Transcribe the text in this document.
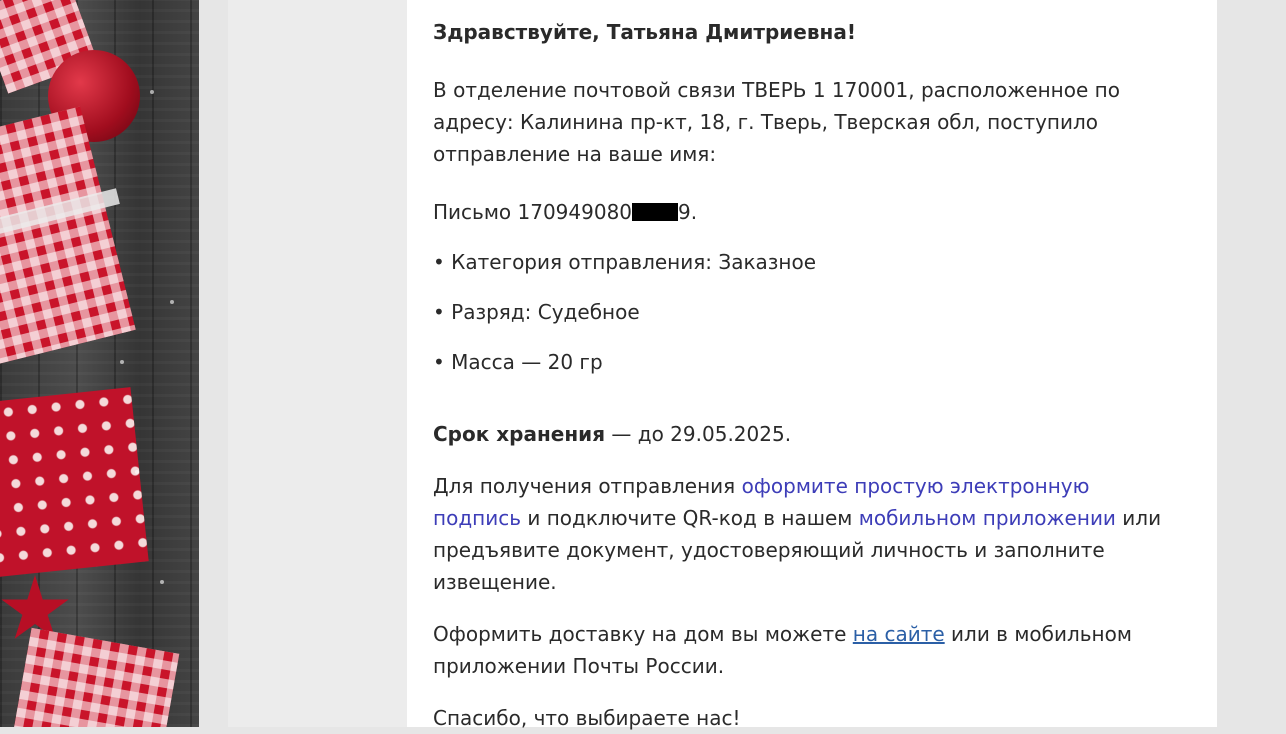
Здравствуйте, Татьяна Дмитриевна!

В отделение почтовой связи ТВЕРЬ 1 170001, расположенное по адресу: Калинина пр-кт, 18, г. Тверь, Тверская обл, поступило отправление на ваше имя:

Письмо 170949080 9.

• Категория отправления: Заказное

• Разряд: Судебное

• Масса — 20 гр

Срок хранения — до 29.05.2025.

Для получения отправления оформите простую электронную подпись и подключите QR-код в нашем мобильном приложении или предъявите документ, удостоверяющий личность и заполните извещение.

Оформить доставку на дом вы можете на сайте или в мобильном приложении Почты России.

Спасибо, что выбираете нас!
